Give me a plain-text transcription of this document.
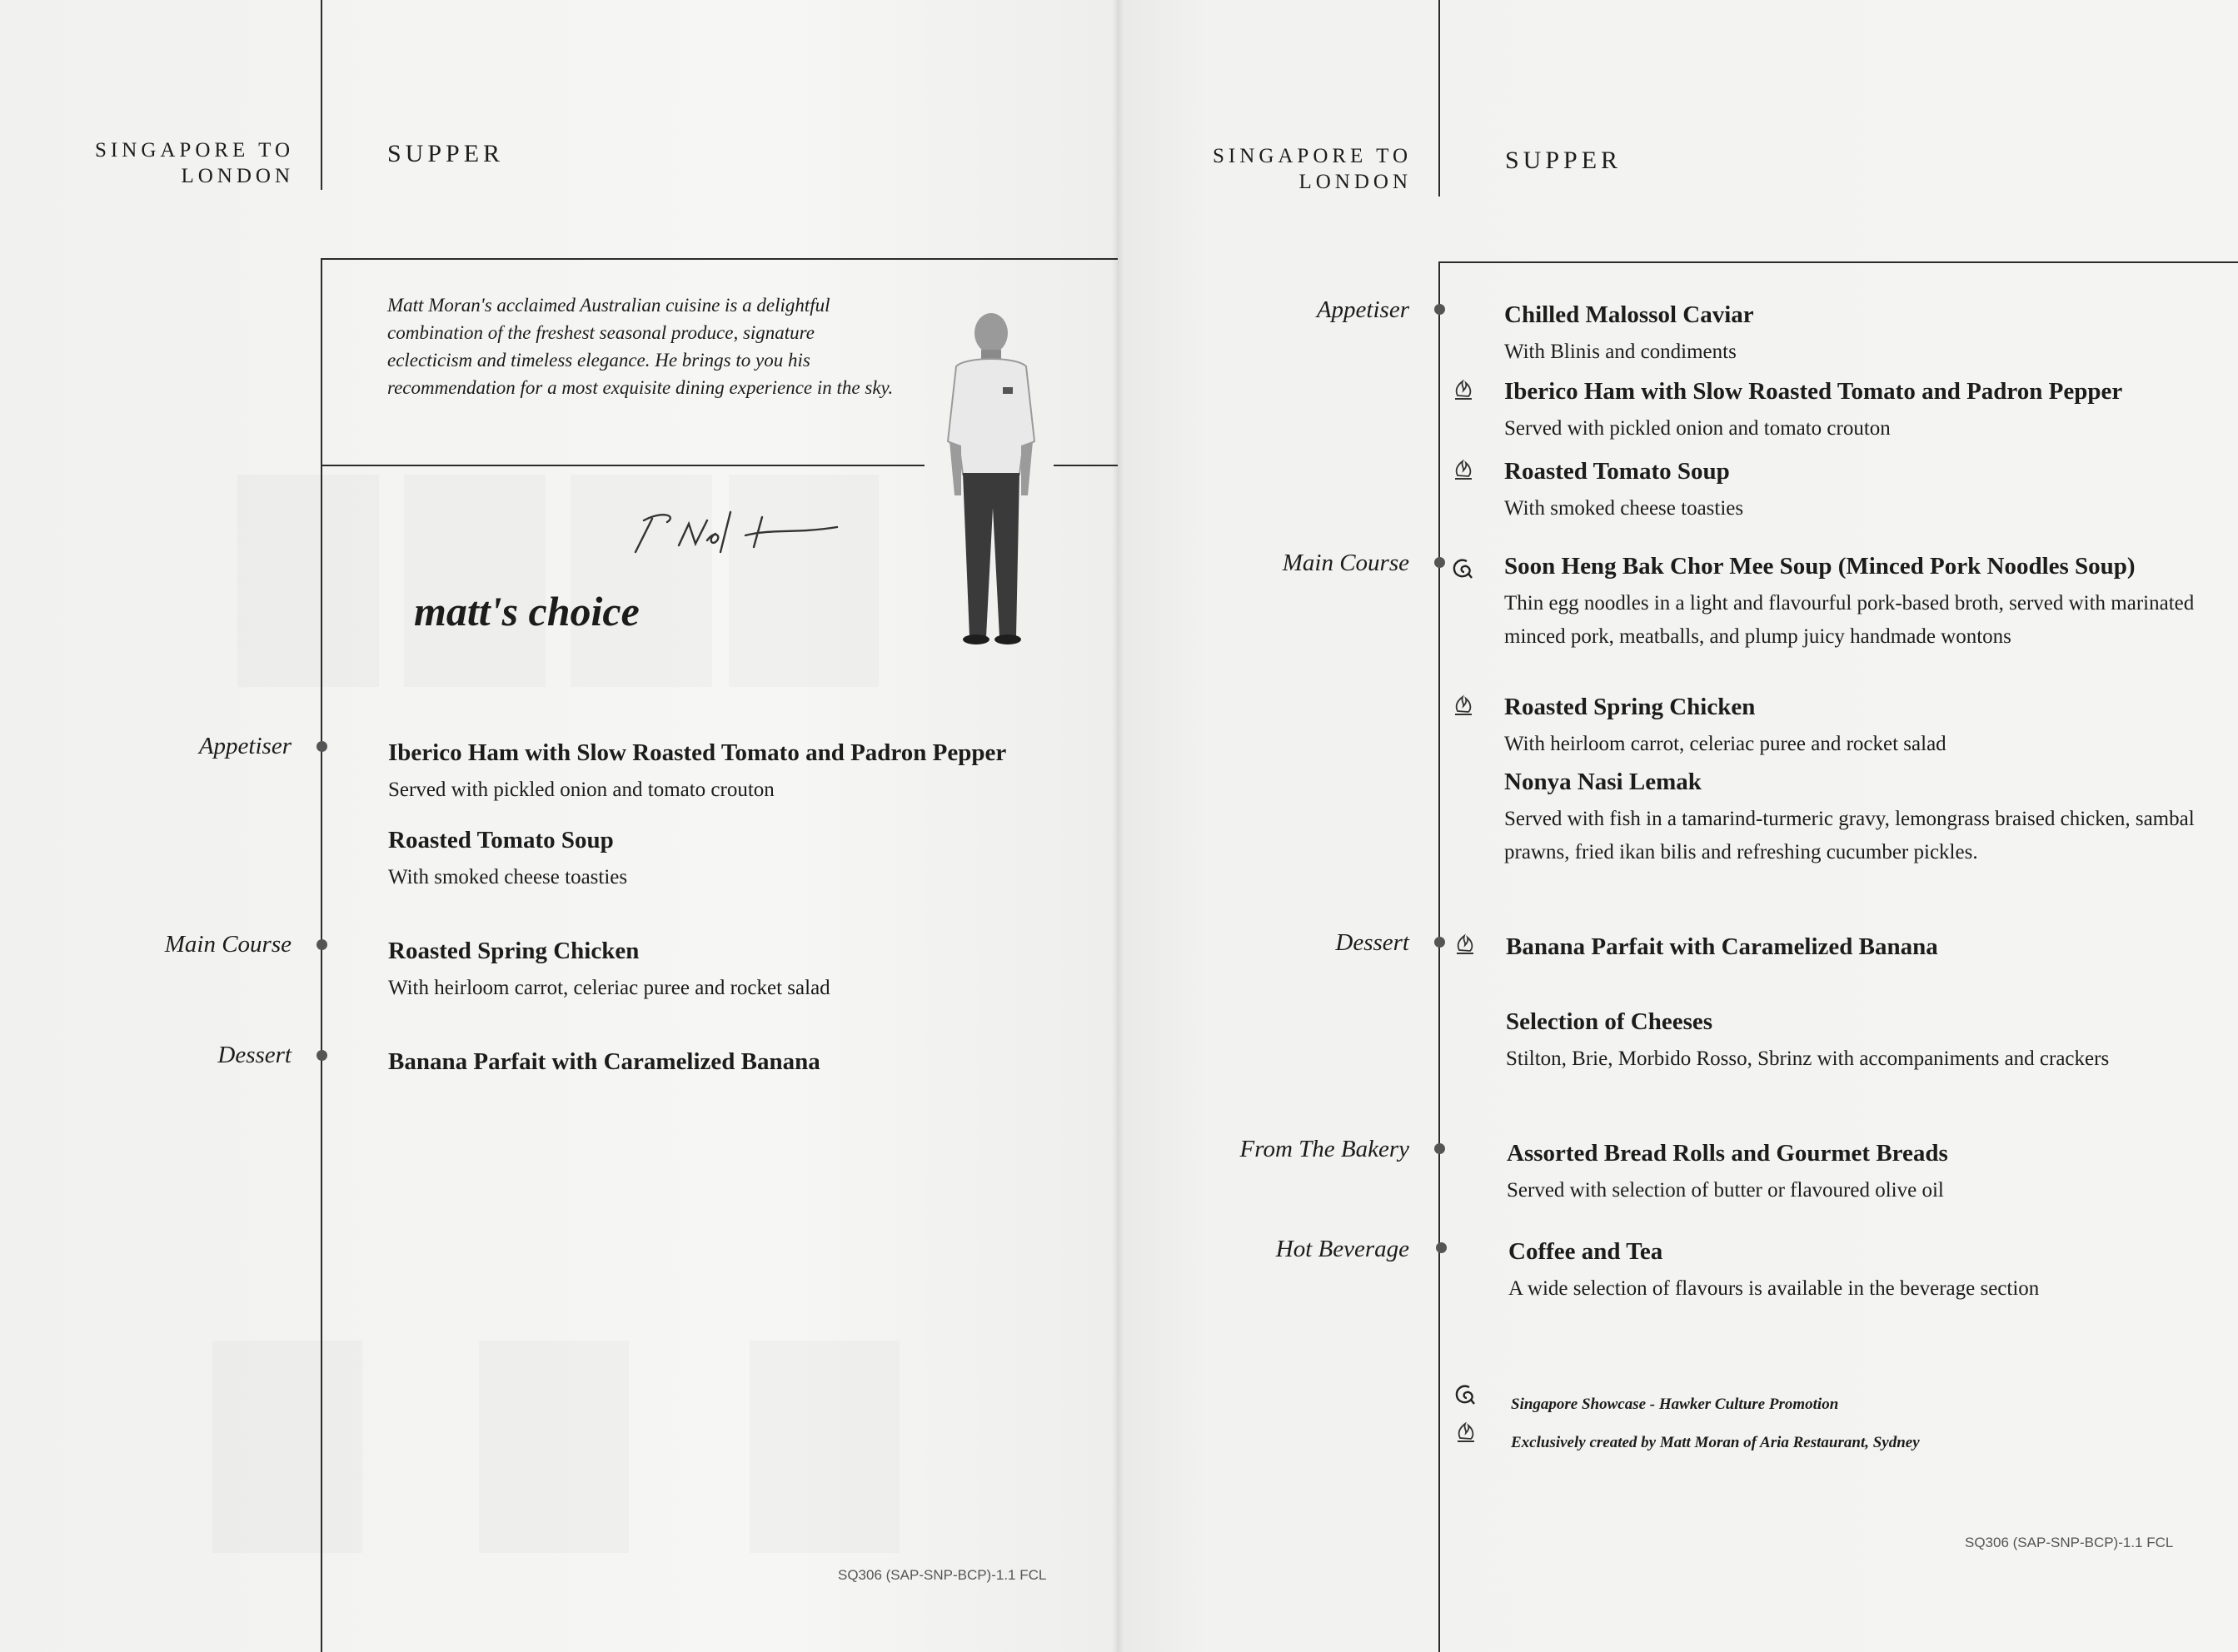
SINGAPORE TO
LONDON
SUPPER
Matt Moran's acclaimed Australian cuisine is a delightful combination of the freshest seasonal produce, signature eclecticism and timeless elegance. He brings to you his recommendation for a most exquisite dining experience in the sky.
matt's choice
Appetiser	Iberico Ham with Slow Roasted Tomato and Padron Pepper
Served with pickled onion and tomato crouton
Roasted Tomato Soup
With smoked cheese toasties
Main Course	Roasted Spring Chicken
With heirloom carrot, celeriac puree and rocket salad
Dessert	Banana Parfait with Caramelized Banana
SQ306 (SAP-SNP-BCP)-1.1 FCL
SINGAPORE TO
LONDON
SUPPER
Appetiser	Chilled Malossol Caviar
With Blinis and condiments
Iberico Ham with Slow Roasted Tomato and Padron Pepper
Served with pickled onion and tomato crouton
Roasted Tomato Soup
With smoked cheese toasties
Main Course	Soon Heng Bak Chor Mee Soup (Minced Pork Noodles Soup)
Thin egg noodles in a light and flavourful pork-based broth, served with marinated minced pork, meatballs, and plump juicy handmade wontons
Roasted Spring Chicken
With heirloom carrot, celeriac puree and rocket salad
Nonya Nasi Lemak
Served with fish in a tamarind-turmeric gravy, lemongrass braised chicken, sambal prawns, fried ikan bilis and refreshing cucumber pickles.
Dessert	Banana Parfait with Caramelized Banana
Selection of Cheeses
Stilton, Brie, Morbido Rosso, Sbrinz with accompaniments and crackers
From The Bakery	Assorted Bread Rolls and Gourmet Breads
Served with selection of butter or flavoured olive oil
Hot Beverage	Coffee and Tea
A wide selection of flavours is available in the beverage section
Singapore Showcase - Hawker Culture Promotion
Exclusively created by Matt Moran of Aria Restaurant, Sydney
SQ306 (SAP-SNP-BCP)-1.1 FCL
